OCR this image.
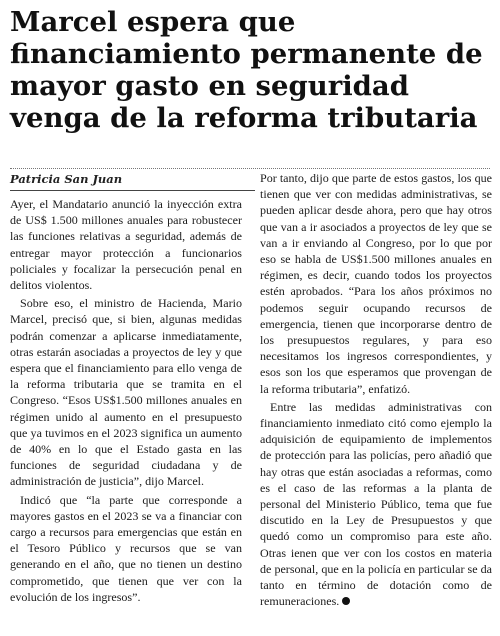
Marcel espera que financiamiento permanente de mayor gasto en seguridad venga de la reforma tributaria
Patricia San Juan

Ayer, el Mandatario anunció la inyección extra de US$ 1.500 millones anuales para robustecer las funciones relativas a seguridad, además de entregar mayor protección a funcionarios policiales y focalizar la persecución penal en delitos violentos.

Sobre eso, el ministro de Hacienda, Mario Marcel, precisó que, si bien, algunas medidas podrán comenzar a aplicarse inmediatamente, otras estarán asociadas a proyectos de ley y que espera que el financiamiento para ello venga de la reforma tributaria que se tramita en el Congreso. “Esos US$1.500 millones anuales en régimen unido al aumento en el presupuesto que ya tuvimos en el 2023 significa un aumento de 40% en lo que el Estado gasta en las funciones de seguridad ciudadana y de administración de justicia”, dijo Marcel.

Indicó que “la parte que corresponde a mayores gastos en el 2023 se va a financiar con cargo a recursos para emergencias que están en el Tesoro Público y recursos que se van generando en el año, que no tienen un destino comprometido, que tienen que ver con la evolución de los ingresos”.

Por tanto, dijo que parte de estos gastos, los que tienen que ver con medidas administrativas, se pueden aplicar desde ahora, pero que hay otros que van a ir asociados a proyectos de ley que se van a ir enviando al Congreso, por lo que por eso se habla de US$1.500 millones anuales en régimen, es decir, cuando todos los proyectos estén aprobados. “Para los años próximos no podemos seguir ocupando recursos de emergencia, tienen que incorporarse dentro de los presupuestos regulares, y para eso necesitamos los ingresos correspondientes, y esos son los que esperamos que provengan de la reforma tributaria”, enfatizó.

Entre las medidas administrativas con financiamiento inmediato citó como ejemplo la adquisición de equipamiento de implementos de protección para las policías, pero añadió que hay otras que están asociadas a reformas, como es el caso de las reformas a la planta de personal del Ministerio Público, tema que fue discutido en la Ley de Presupuestos y que quedó como un compromiso para este año. Otras ienen que ver con los costos en materia de personal, que en la policía en particular se da tanto en término de dotación como de remuneraciones.
